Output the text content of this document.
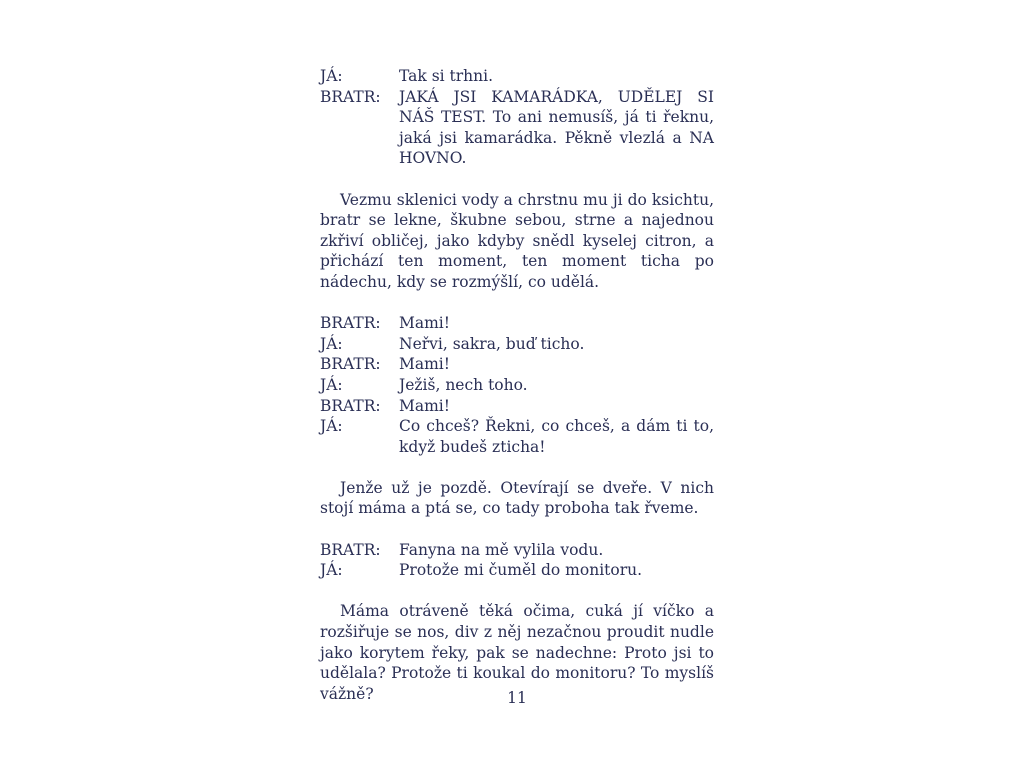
JÁ:	Tak si trhni.
BRATR:	JAKÁ JSI KAMARÁDKA, UDĚLEJ SI NÁŠ TEST. To ani nemusíš, já ti řeknu, jaká jsi kamarádka. Pěkně vlezlá a NA HOVNO.

Vezmu sklenici vody a chrstnu mu ji do ksichtu, bratr se lekne, škubne sebou, strne a najednou zkřiví obličej, jako kdyby snědl kyselej citron, a přichází ten moment, ten moment ticha po nádechu, kdy se rozmýšlí, co udělá.

BRATR:	Mami!
JÁ:	Neřvi, sakra, buď ticho.
BRATR:	Mami!
JÁ:	Ježiš, nech toho.
BRATR:	Mami!
JÁ:	Co chceš? Řekni, co chceš, a dám ti to, když budeš zticha!

Jenže už je pozdě. Otevírají se dveře. V nich stojí máma a ptá se, co tady proboha tak řveme.

BRATR:	Fanyna na mě vylila vodu.
JÁ:	Protože mi čuměl do monitoru.

Máma otráveně těká očima, cuká jí víčko a rozšiřuje se nos, div z něj nezačnou proudit nudle jako korytem řeky, pak se nadechne: Proto jsi to udělala? Protože ti koukal do monitoru? To myslíš vážně?	11
